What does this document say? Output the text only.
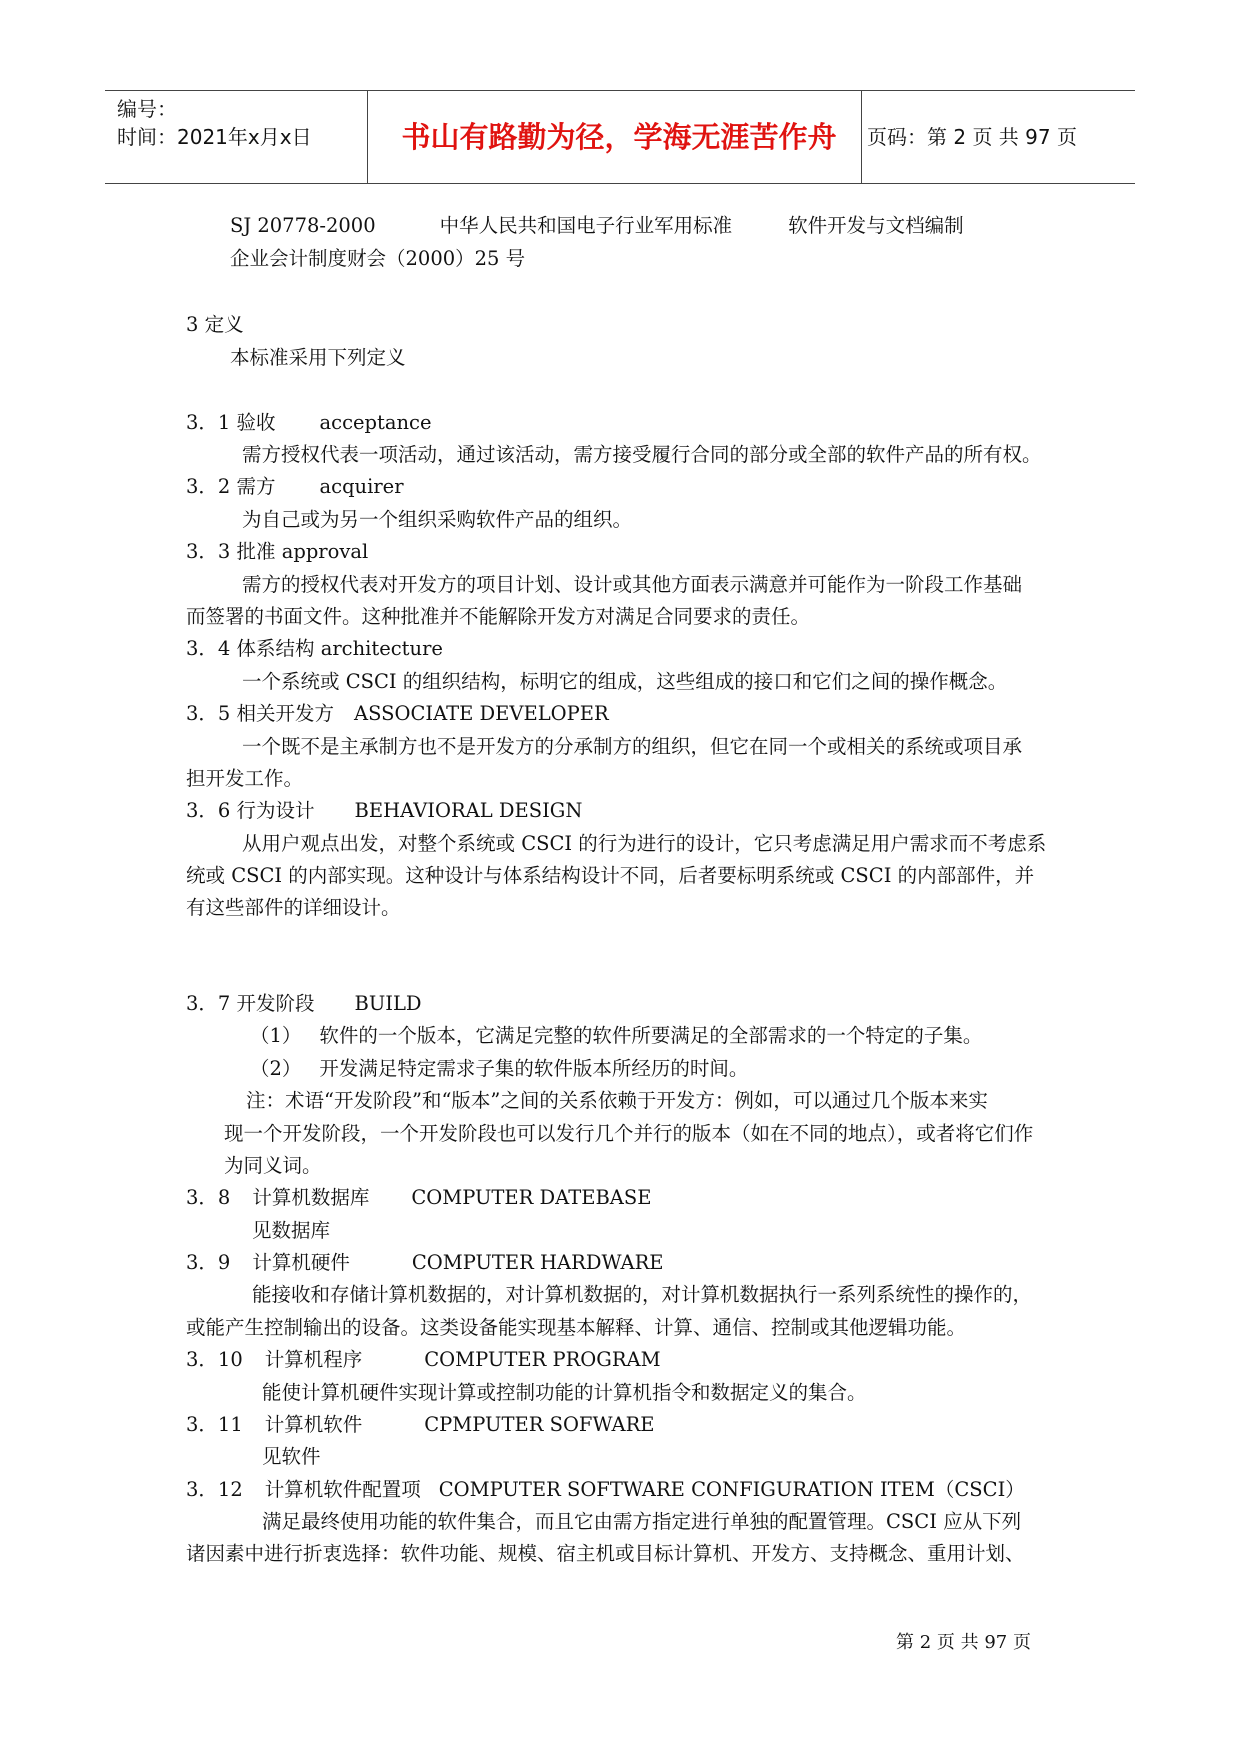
编号：
时间：2021年x月x日	书山有路勤为径，学海无涯苦作舟	页码：第 2 页 共 97 页
SJ 20778-2000	中华人民共和国电子行业军用标准	软件开发与文档编制
企业会计制度财会（2000）25 号
3 定义
本标准采用下列定义
3．1 验收 acceptance
需方授权代表一项活动，通过该活动，需方接受履行合同的部分或全部的软件产品的所有权。
3．2 需方 acquirer
为自己或为另一个组织采购软件产品的组织。
3．3 批准 approval
需方的授权代表对开发方的项目计划、设计或其他方面表示满意并可能作为一阶段工作基础
而签署的书面文件。这种批准并不能解除开发方对满足合同要求的责任。
3．4 体系结构 architecture
一个系统或 CSCI 的组织结构，标明它的组成，这些组成的接口和它们之间的操作概念。
3．5 相关开发方 ASSOCIATE DEVELOPER
一个既不是主承制方也不是开发方的分承制方的组织，但它在同一个或相关的系统或项目承
担开发工作。
3．6 行为设计 BEHAVIORAL DESIGN
从用户观点出发，对整个系统或 CSCI 的行为进行的设计，它只考虑满足用户需求而不考虑系
统或 CSCI 的内部实现。这种设计与体系结构设计不同，后者要标明系统或 CSCI 的内部部件，并
有这些部件的详细设计。
3．7 开发阶段 BUILD
（1） 软件的一个版本，它满足完整的软件所要满足的全部需求的一个特定的子集。
（2） 开发满足特定需求子集的软件版本所经历的时间。
注：术语“开发阶段”和“版本”之间的关系依赖于开发方：例如，可以通过几个版本来实
现一个开发阶段，一个开发阶段也可以发行几个并行的版本（如在不同的地点），或者将它们作
为同义词。
3．8 计算机数据库 COMPUTER DATEBASE
见数据库
3．9 计算机硬件	COMPUTER HARDWARE
能接收和存储计算机数据的，对计算机数据的，对计算机数据执行一系列系统性的操作的，
或能产生控制输出的设备。这类设备能实现基本解释、计算、通信、控制或其他逻辑功能。
3．10 计算机程序	COMPUTER PROGRAM
能使计算机硬件实现计算或控制功能的计算机指令和数据定义的集合。
3．11 计算机软件	CPMPUTER SOFWARE
见软件
3．12 计算机软件配置项 COMPUTER SOFTWARE CONFIGURATION ITEM（CSCI）
满足最终使用功能的软件集合，而且它由需方指定进行单独的配置管理。CSCI 应从下列
诸因素中进行折衷选择：软件功能、规模、宿主机或目标计算机、开发方、支持概念、重用计划、
第 2 页 共 97 页
